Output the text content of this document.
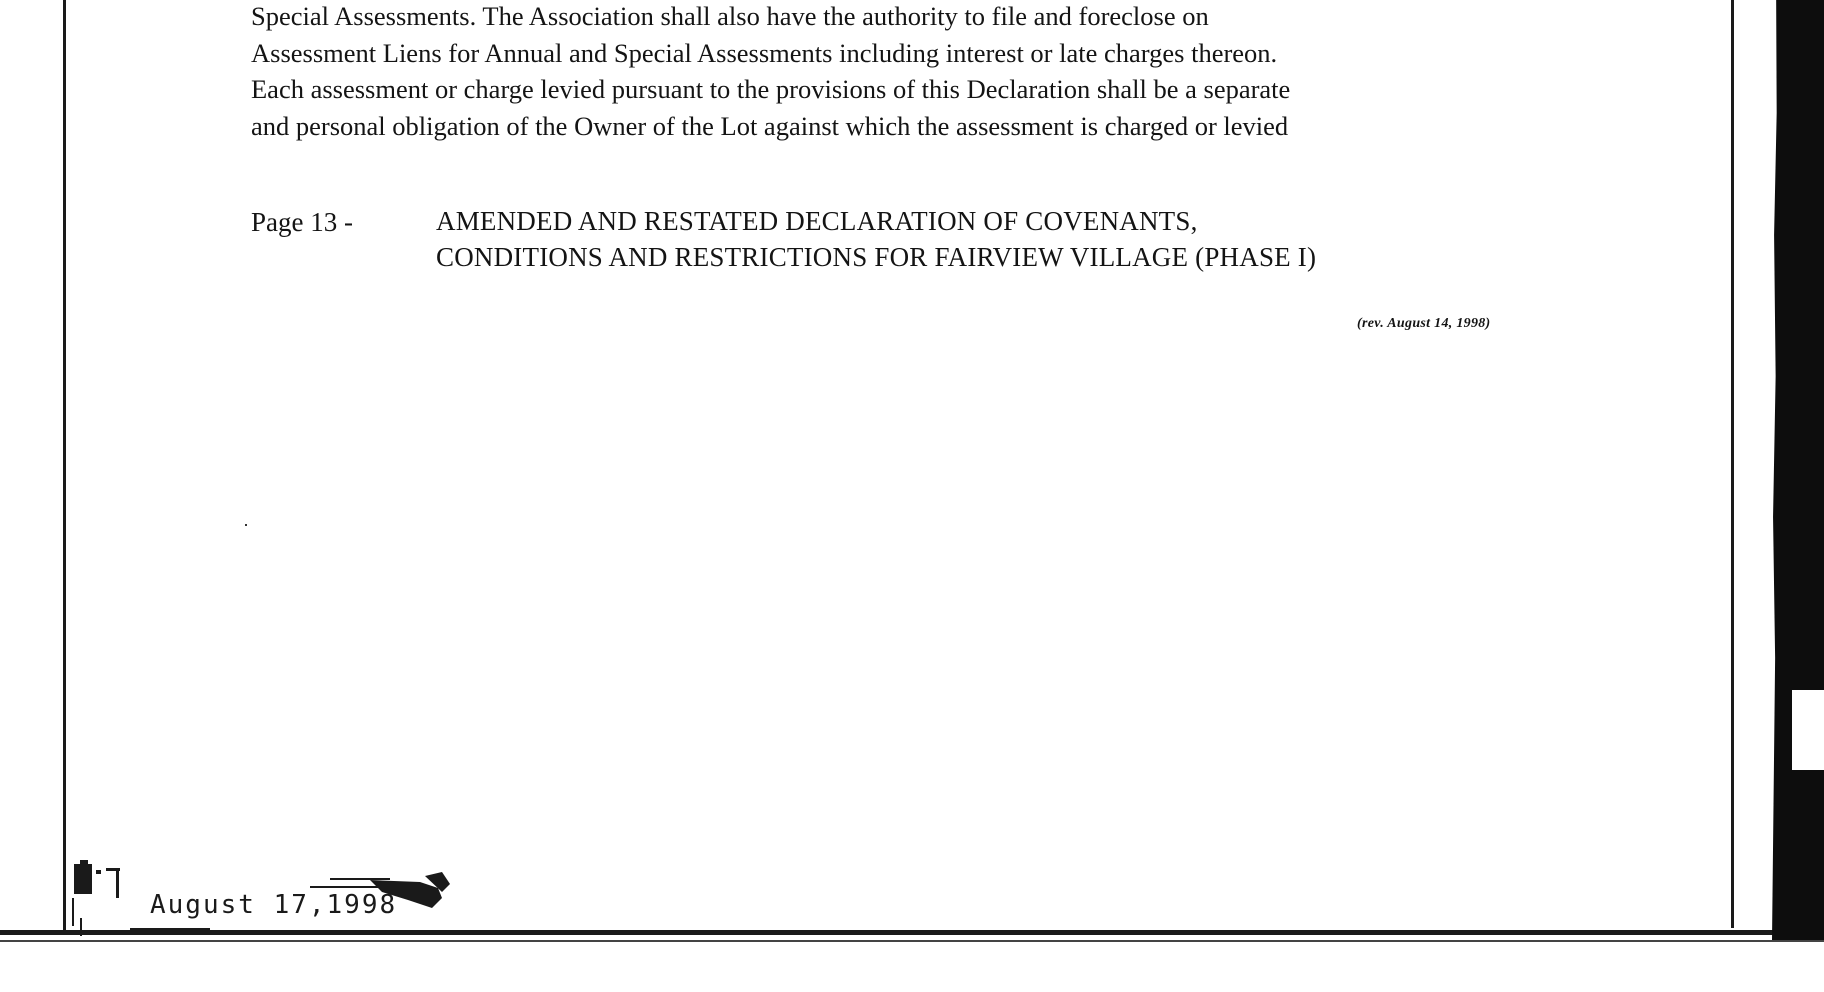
Special Assessments. The Association shall also have the authority to file and foreclose on
Assessment Liens for Annual and Special Assessments including interest or late charges thereon.
Each assessment or charge levied pursuant to the provisions of this Declaration shall be a separate
and personal obligation of the Owner of the Lot against which the assessment is charged or levied

Page 13 -	AMENDED AND RESTATED DECLARATION OF COVENANTS,
CONDITIONS AND RESTRICTIONS FOR FAIRVIEW VILLAGE (PHASE I)
(rev. August 14, 1998)
August 17,1998
